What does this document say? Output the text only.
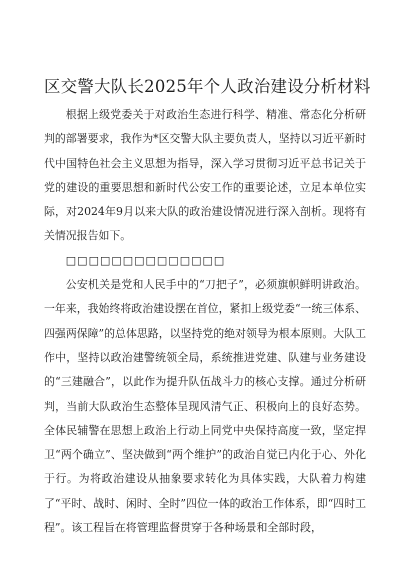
区交警大队长2025年个人政治建设分析材料

根据上级党委关于对政治生态进行科学、精准、常态化分析研判的部署要求，我作为*区交警大队主要负责人，坚持以习近平新时代中国特色社会主义思想为指导，深入学习贯彻习近平总书记关于党的建设的重要思想和新时代公安工作的重要论述，立足本单位实际，对2024年9月以来大队的政治建设情况进行深入剖析。现将有关情况报告如下。

□□□□□□□□□□□□□□

公安机关是党和人民手中的“刀把子”，必须旗帜鲜明讲政治。一年来，我始终将政治建设摆在首位，紧扣上级党委“一统三体系、四强两保障”的总体思路，以坚持党的绝对领导为根本原则。大队工作中，坚持以政治建警统领全局，系统推进党建、队建与业务建设的“三建融合”，以此作为提升队伍战斗力的核心支撑。通过分析研判，当前大队政治生态整体呈现风清气正、积极向上的良好态势。全体民辅警在思想上政治上行动上同党中央保持高度一致，坚定捍卫“两个确立”、坚决做到“两个维护”的政治自觉已内化于心、外化于行。为将政治建设从抽象要求转化为具体实践，大队着力构建了“平时、战时、闲时、全时”四位一体的政治工作体系，即“四时工程”。该工程旨在将管理监督贯穿于各种场景和全部时段，
